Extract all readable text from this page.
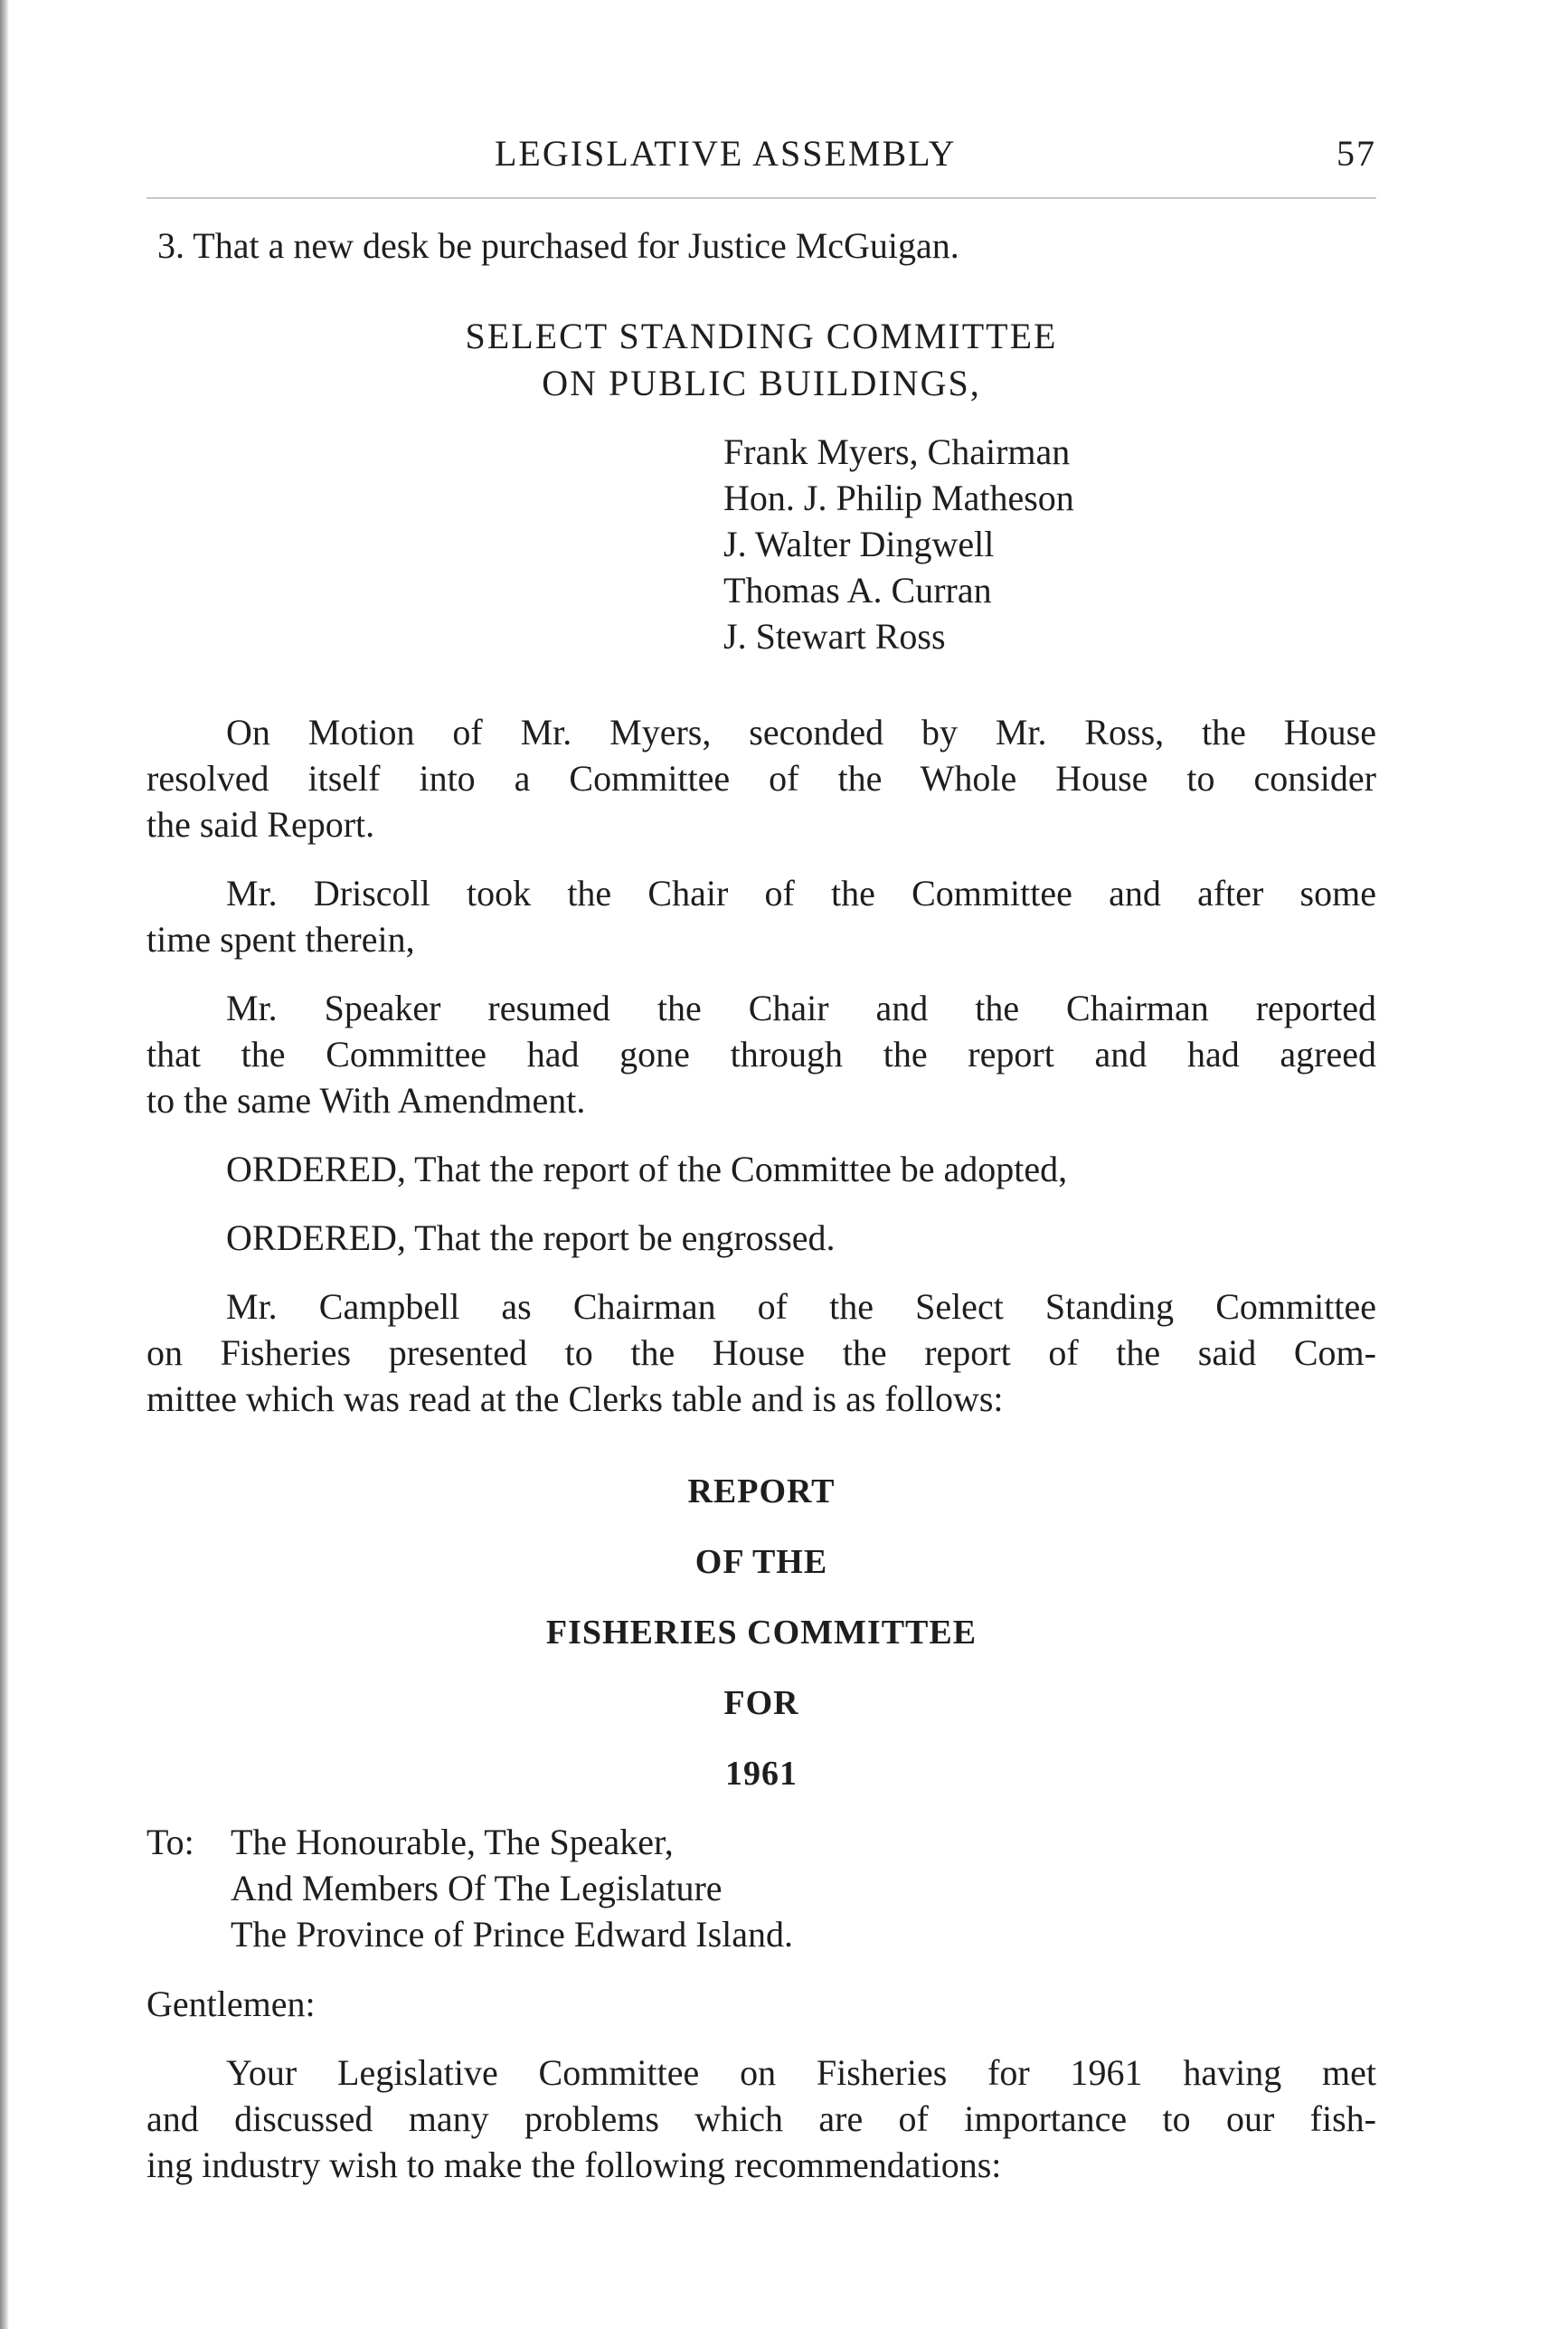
LEGISLATIVE ASSEMBLY	57
3. That a new desk be purchased for Justice McGuigan.
SELECT STANDING COMMITTEE
ON PUBLIC BUILDINGS,
Frank Myers, Chairman
Hon. J. Philip Matheson
J. Walter Dingwell
Thomas A. Curran
J. Stewart Ross
On Motion of Mr. Myers, seconded by Mr. Ross, the House
resolved itself into a Committee of the Whole House to consider
the said Report.
Mr. Driscoll took the Chair of the Committee and after some
time spent therein,
Mr. Speaker resumed the Chair and the Chairman reported
that the Committee had gone through the report and had agreed
to the same With Amendment.
ORDERED, That the report of the Committee be adopted,
ORDERED, That the report be engrossed.
Mr. Campbell as Chairman of the Select Standing Committee
on Fisheries presented to the House the report of the said Com-
mittee which was read at the Clerks table and is as follows:
REPORT
OF THE
FISHERIES COMMITTEE
FOR
1961
To: The Honourable, The Speaker,
And Members Of The Legislature
The Province of Prince Edward Island.
Gentlemen:
Your Legislative Committee on Fisheries for 1961 having met
and discussed many problems which are of importance to our fish-
ing industry wish to make the following recommendations:
